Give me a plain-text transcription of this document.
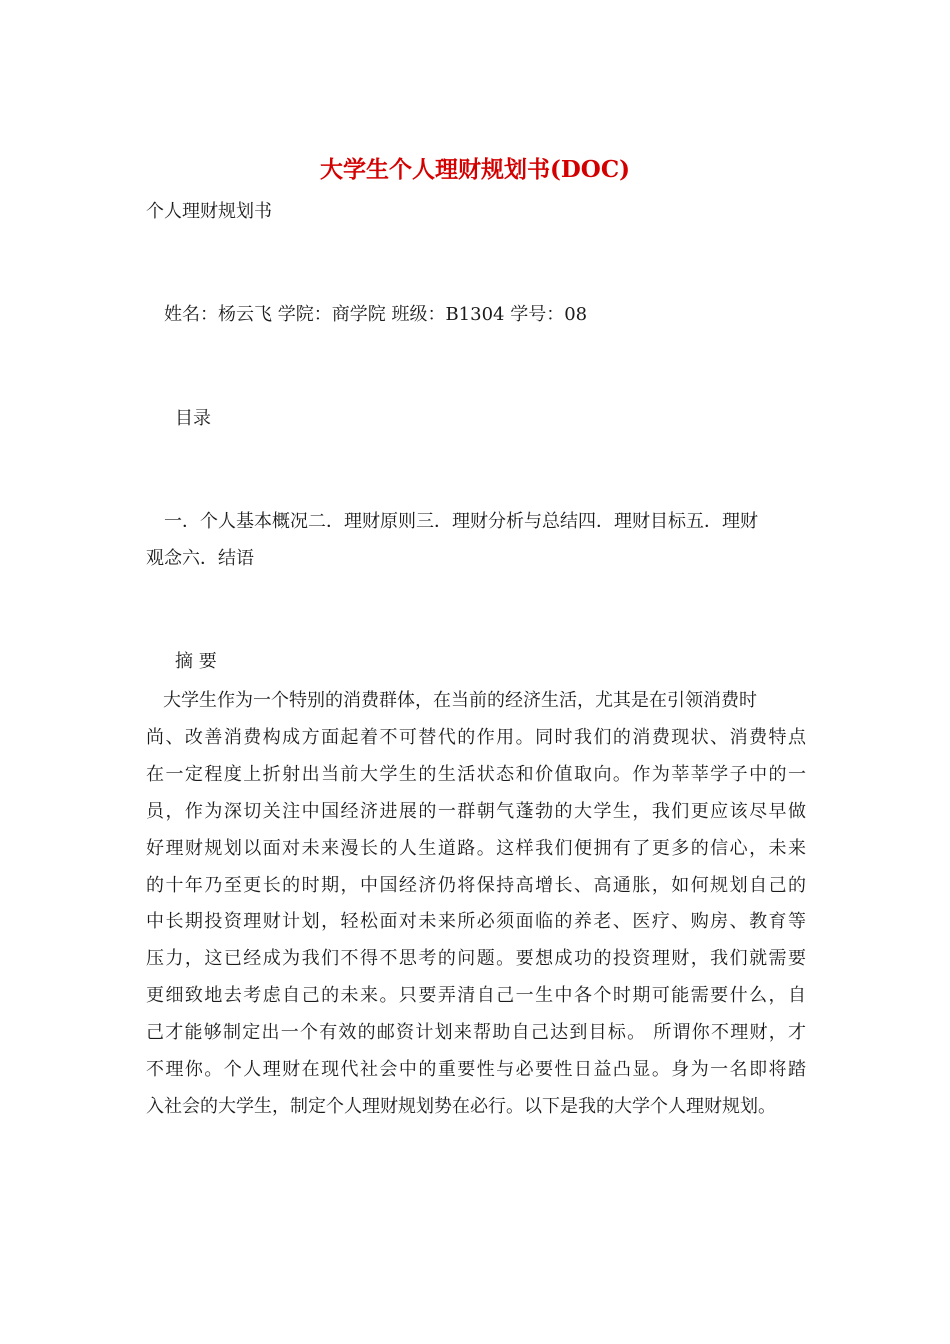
大学生个人理财规划书(DOC)

个人理财规划书

姓名：杨云飞 学院：商学院 班级：B1304 学号：08

目录

一．个人基本概况二．理财原则三．理财分析与总结四．理财目标五．理财

观念六．结语

摘 要

大学生作为一个特别的消费群体，在当前的经济生活，尤其是在引领消费时
尚、改善消费构成方面起着不可替代的作用。同时我们的消费现状、消费特点
在一定程度上折射出当前大学生的生活状态和价值取向。作为莘莘学子中的一
员，作为深切关注中国经济进展的一群朝气蓬勃的大学生，我们更应该尽早做
好理财规划以面对未来漫长的人生道路。这样我们便拥有了更多的信心，未来
的十年乃至更长的时期，中国经济仍将保持高增长、高通胀，如何规划自己的
中长期投资理财计划，轻松面对未来所必须面临的养老、医疗、购房、教育等
压力，这已经成为我们不得不思考的问题。要想成功的投资理财，我们就需要
更细致地去考虑自己的未来。只要弄清自己一生中各个时期可能需要什么，自
己才能够制定出一个有效的邮资计划来帮助自己达到目标。 所谓你不理财，才
不理你。个人理财在现代社会中的重要性与必要性日益凸显。身为一名即将踏
入社会的大学生，制定个人理财规划势在必行。以下是我的大学个人理财规划。
